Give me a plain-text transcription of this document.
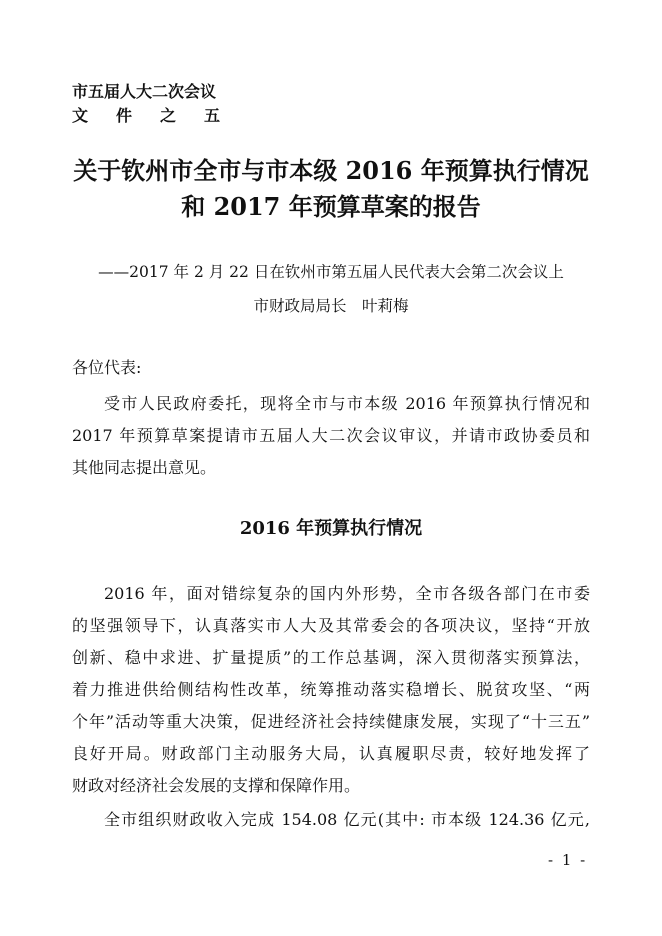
市五届人大二次会议
文件之五
关于钦州市全市与市本级 2016 年预算执行情况
和 2017 年预算草案的报告
——2017 年 2 月 22 日在钦州市第五届人民代表大会第二次会议上
市财政局局长　叶莉梅
各位代表:
受市人民政府委托，现将全市与市本级 2016 年预算执行情况和
2017 年预算草案提请市五届人大二次会议审议，并请市政协委员和
其他同志提出意见。
2016 年预算执行情况
2016 年，面对错综复杂的国内外形势，全市各级各部门在市委
的坚强领导下，认真落实市人大及其常委会的各项决议，坚持“开放
创新、稳中求进、扩量提质”的工作总基调，深入贯彻落实预算法，
着力推进供给侧结构性改革，统筹推动落实稳增长、脱贫攻坚、“两
个年”活动等重大决策，促进经济社会持续健康发展，实现了“十三五”
良好开局。财政部门主动服务大局，认真履职尽责，较好地发挥了
财政对经济社会发展的支撑和保障作用。
全市组织财政收入完成 154.08 亿元(其中: 市本级 124.36 亿元,
- 1 -
